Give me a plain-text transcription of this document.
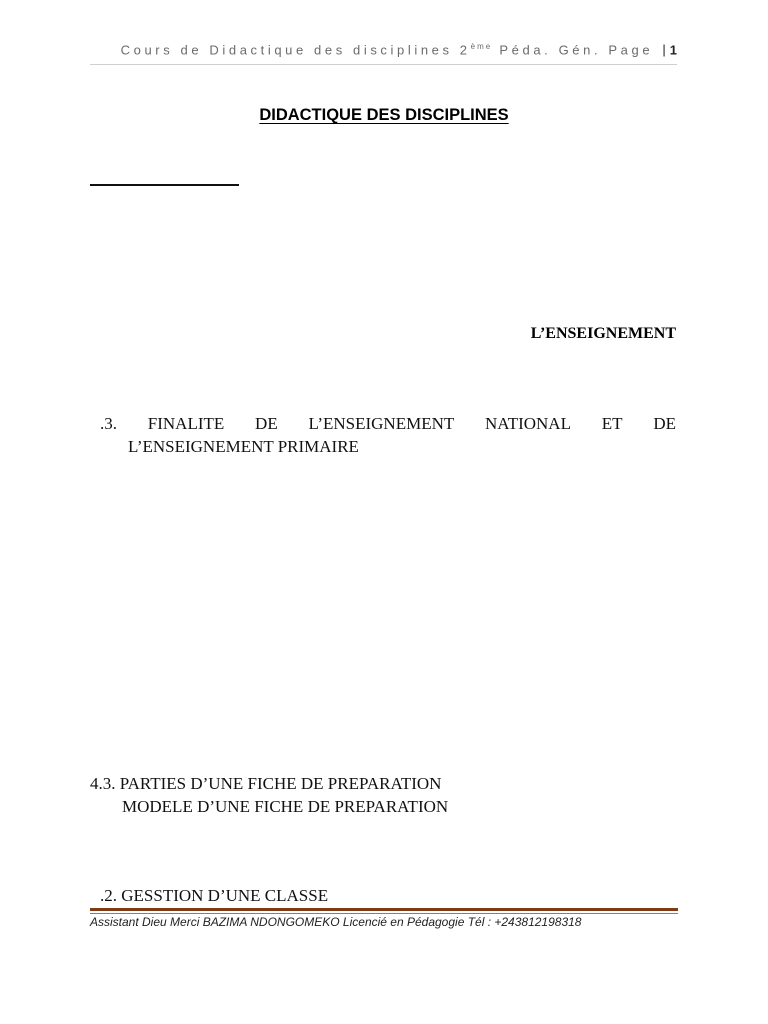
Cours de Didactique des disciplines 2ème Péda. Gén. Page | 1
DIDACTIQUE DES DISCIPLINES
L’ENSEIGNEMENT
.3. FINALITE DE L’ENSEIGNEMENT NATIONAL ET DE
L’ENSEIGNEMENT PRIMAIRE
4.3. PARTIES D’UNE FICHE DE PREPARATION
MODELE D’UNE FICHE DE PREPARATION
.2. GESSTION D’UNE CLASSE
Assistant Dieu Merci BAZIMA NDONGOMEKO Licencié en Pédagogie Tél : +243812198318
